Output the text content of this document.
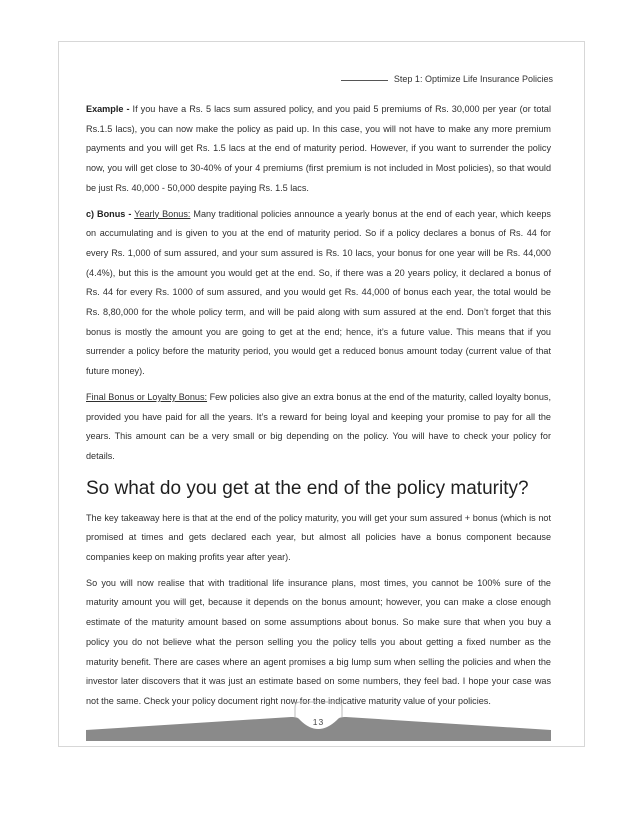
Step 1: Optimize Life Insurance Policies

Example - If you have a Rs. 5 lacs sum assured policy, and you paid 5 premiums of Rs. 30,000 per year (or total Rs.1.5 lacs), you can now make the policy as paid up. In this case, you will not have to make any more premium payments and you will get Rs. 1.5 lacs at the end of maturity period. However, if you want to surrender the policy now, you will get close to 30-40% of your 4 premiums (first premium is not included in Most policies), so that would be just Rs. 40,000 - 50,000 despite paying Rs. 1.5 lacs.

c) Bonus - Yearly Bonus: Many traditional policies announce a yearly bonus at the end of each year, which keeps on accumulating and is given to you at the end of maturity period. So if a policy declares a bonus of Rs. 44 for every Rs. 1,000 of sum assured, and your sum assured is Rs. 10 lacs, your bonus for one year will be Rs. 44,000 (4.4%), but this is the amount you would get at the end. So, if there was a 20 years policy, it declared a bonus of Rs. 44 for every Rs. 1000 of sum assured, and you would get Rs. 44,000 of bonus each year, the total would be Rs. 8,80,000 for the whole policy term, and will be paid along with sum assured at the end. Don’t forget that this bonus is mostly the amount you are going to get at the end; hence, it’s a future value. This means that if you surrender a policy before the maturity period, you would get a reduced bonus amount today (current value of that future money).

Final Bonus or Loyalty Bonus: Few policies also give an extra bonus at the end of the maturity, called loyalty bonus, provided you have paid for all the years. It’s a reward for being loyal and keeping your promise to pay for all the years. This amount can be a very small or big depending on the policy. You will have to check your policy for details.

So what do you get at the end of the policy maturity?

The key takeaway here is that at the end of the policy maturity, you will get your sum assured + bonus (which is not promised at times and gets declared each year, but almost all policies have a bonus component because companies keep on making profits year after year).

So you will now realise that with traditional life insurance plans, most times, you cannot be 100% sure of the maturity amount you will get, because it depends on the bonus amount; however, you can make a close enough estimate of the maturity amount based on some assumptions about bonus. So make sure that when you buy a policy you do not believe what the person selling you the policy tells you about getting a fixed number as the maturity benefit. There are cases where an agent promises a big lump sum when selling the policies and when the investor later discovers that it was just an estimate based on some numbers, they feel bad. I hope your case was not the same. Check your policy document right now for the indicative maturity value of your policies.

13
